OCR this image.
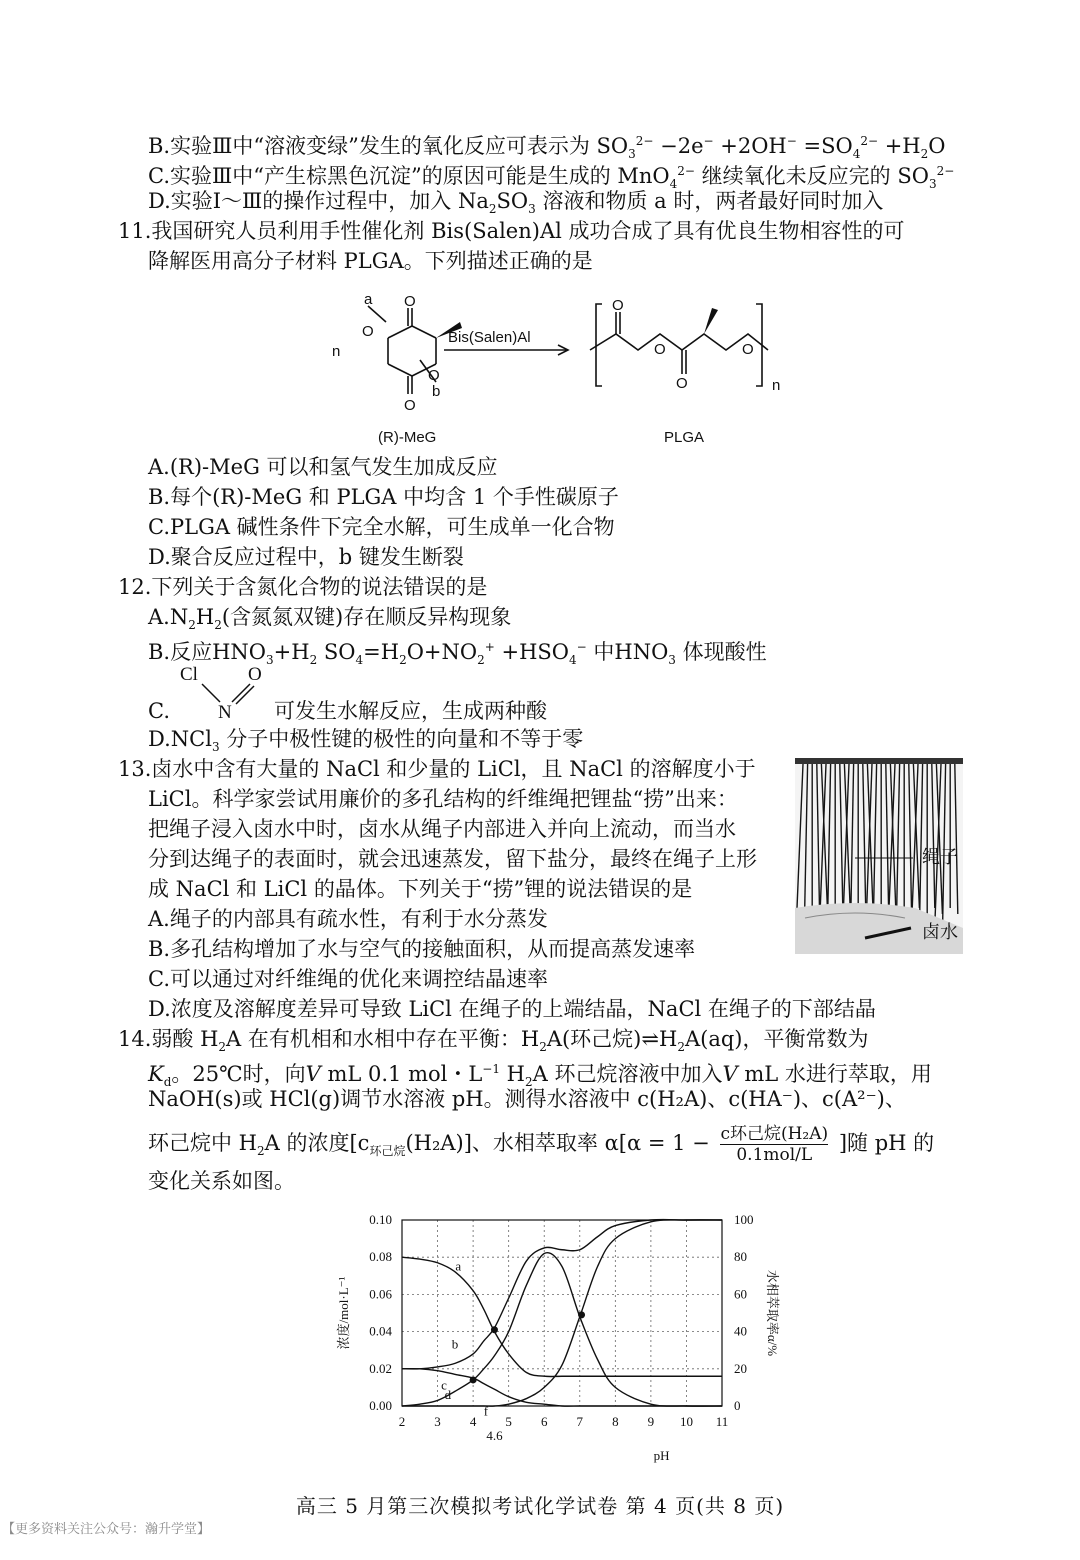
B.实验Ⅲ中“溶液变绿”发生的氧化反应可表示为 $SO_3^{2-} -2e^- +2OH^- =SO_4^{2-} +H_2O$
C.实验Ⅲ中“产生棕黑色沉淀”的原因可能是生成的 MnO$_4^{2-}$ 继续氧化未反应完的 $SO_3^{2-}$
D.实验Ⅰ～Ⅲ的操作过程中，加入 $Na_2SO_3$ 溶液和物质 a 时，两者最好同时加入
11.我国研究人员利用手性催化剂 Bis(Salen)Al 成功合成了具有优良生物相容性的可
降解医用高分子材料 PLGA。下列描述正确的是
a
b
n
n
O
O
O
O
O
O
O	O
Bis(Salen)Al
(R)-MeG	PLGA
A.(R)-MeG 可以和氢气发生加成反应
B.每个(R)-MeG 和 PLGA 中均含 1 个手性碳原子
C.PLGA 碱性条件下完全水解，可生成单一化合物
D.聚合反应过程中，b 键发生断裂
12.下列关于含氮化合物的说法错误的是
$A.N_2H_2$(含氮氮双键)存在顺反异构现象
B.反应$HNO_3+H_2$ $SO_4=H_2O+NO_2^+ +HSO_4^-$ 中$HNO_3$ 体现酸性
Cl
N
O
C.	可发生水解反应，生成两种酸
D.NCl$_3$ 分子中极性键的极性的向量和不等于零
13.卤水中含有大量的 NaCl 和少量的 LiCl，且 NaCl 的溶解度小于
LiCl。科学家尝试用廉价的多孔结构的纤维绳把锂盐“捞”出来：
把绳子浸入卤水中时，卤水从绳子内部进入并向上流动，而当水
分到达绳子的表面时，就会迅速蒸发，留下盐分，最终在绳子上形
成 NaCl 和 LiCl 的晶体。下列关于“捞”锂的说法错误的是
A.绳子的内部具有疏水性，有利于水分蒸发
B.多孔结构增加了水与空气的接触面积，从而提高蒸发速率
C.可以通过对纤维绳的优化来调控结晶速率
D.浓度及溶解度差异可导致 LiCl 在绳子的上端结晶，NaCl 在绳子的下部结晶
绳子
卤水
14.弱酸 $H_2A$ 在有机相和水相中存在平衡：$H_2A$(环己烷)$\rightleftharpoons H_2A(aq)$，平衡常数为
$K_d$。25℃时，向V mL 0.1 mol・$L^{-1}$ $H_2A$ 环己烷溶液中加入V mL 水进行萃取，用
NaOH(s)或 HCl(g)调节水溶液 pH。测得水溶液中 c(H₂A)、c(HA⁻)、c(A²⁻)、
环己烷中 $H_2A$ 的浓度$[c_{环己烷}(H_2A)]$、水相萃取率 α[α = 1 − c环己烷(H₂A)
0.1mol/L	]随 pH 的
变化关系如图。
2 3 4 5 6 7 8 9 10 11
4.6
0.00
0.02
0.04
0.06
0.08
0.10
0
20
40
60
80
100
pH
浓度/mol·L⁻¹	水相萃取率α/%
a
b
c
d
f
高三 5 月第三次模拟考试化学试卷 第 4 页(共 8 页)
【更多资料关注公众号：瀚升学堂】
